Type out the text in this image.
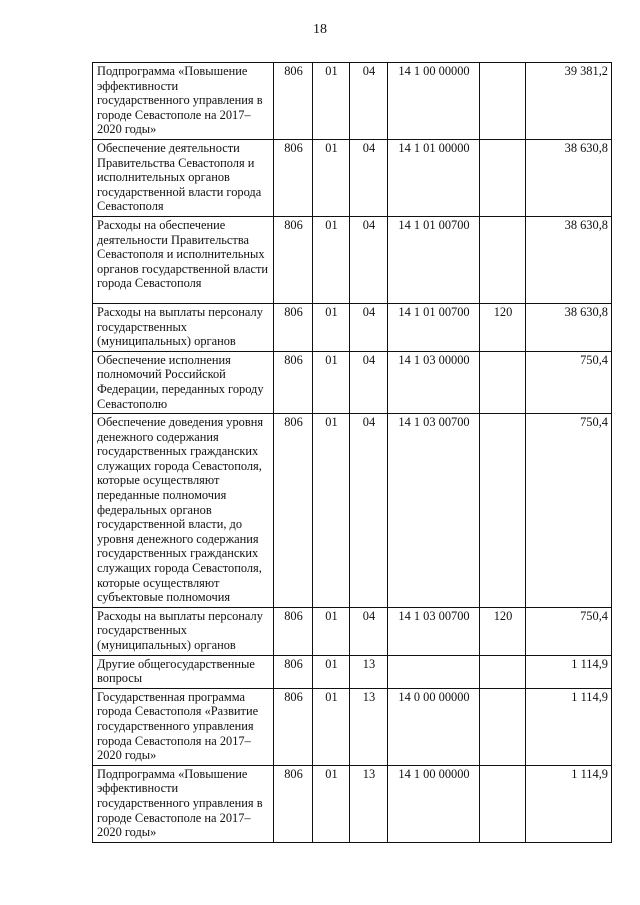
18
Подпрограмма «Повышение эффективности государственного управления в городе Севастополе на 2017–2020 годы»	806	01	04	14 1 00 00000		39 381,2
Обеспечение деятельности Правительства Севастополя и исполнительных органов государственной власти города Севастополя	806	01	04	14 1 01 00000		38 630,8
Расходы на обеспечение деятельности Правительства Севастополя и исполнительных органов государственной власти города Севастополя	806	01	04	14 1 01 00700		38 630,8
Расходы на выплаты персоналу государственных (муниципальных) органов	806	01	04	14 1 01 00700	120	38 630,8
Обеспечение исполнения полномочий Российской Федерации, переданных городу Севастополю	806	01	04	14 1 03 00000		750,4
Обеспечение доведения уровня денежного содержания государственных гражданских служащих города Севастополя, которые осуществляют переданные полномочия федеральных органов государственной власти, до уровня денежного содержания государственных гражданских служащих города Севастополя, которые осуществляют субъектовые полномочия	806	01	04	14 1 03 00700		750,4
Расходы на выплаты персоналу государственных (муниципальных) органов	806	01	04	14 1 03 00700	120	750,4
Другие общегосударственные вопросы	806	01	13			1 114,9
Государственная программа города Севастополя «Развитие государственного управления города Севастополя на 2017–2020 годы»	806	01	13	14 0 00 00000		1 114,9
Подпрограмма «Повышение эффективности государственного управления в городе Севастополе на 2017–2020 годы»	806	01	13	14 1 00 00000		1 114,9
